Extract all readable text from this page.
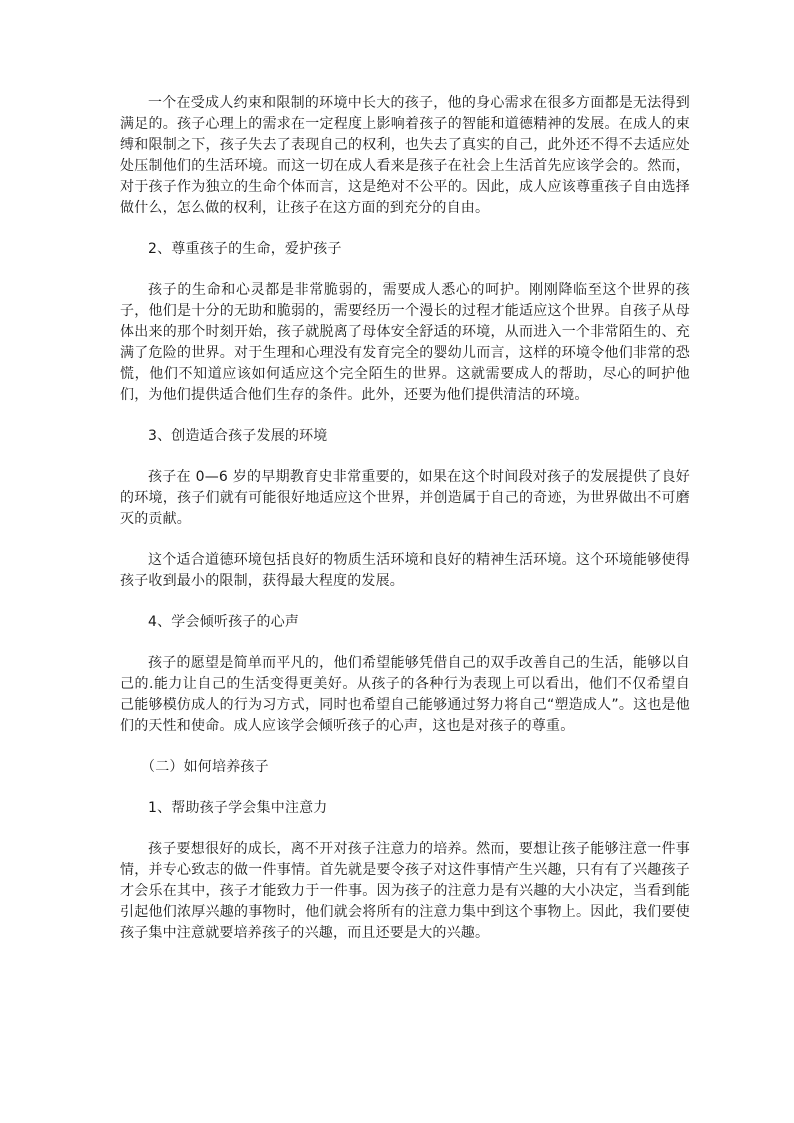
一个在受成人约束和限制的环境中长大的孩子，他的身心需求在很多方面都是无法得到满足的。孩子心理上的需求在一定程度上影响着孩子的智能和道德精神的发展。在成人的束缚和限制之下，孩子失去了表现自己的权利，也失去了真实的自己，此外还不得不去适应处处压制他们的生活环境。而这一切在成人看来是孩子在社会上生活首先应该学会的。然而，对于孩子作为独立的生命个体而言，这是绝对不公平的。因此，成人应该尊重孩子自由选择做什么，怎么做的权利，让孩子在这方面的到充分的自由。

2、尊重孩子的生命，爱护孩子

孩子的生命和心灵都是非常脆弱的，需要成人悉心的呵护。刚刚降临至这个世界的孩子，他们是十分的无助和脆弱的，需要经历一个漫长的过程才能适应这个世界。自孩子从母体出来的那个时刻开始，孩子就脱离了母体安全舒适的环境，从而进入一个非常陌生的、充满了危险的世界。对于生理和心理没有发育完全的婴幼儿而言，这样的环境令他们非常的恐慌，他们不知道应该如何适应这个完全陌生的世界。这就需要成人的帮助，尽心的呵护他们，为他们提供适合他们生存的条件。此外，还要为他们提供清洁的环境。

3、创造适合孩子发展的环境

孩子在 0—6 岁的早期教育史非常重要的，如果在这个时间段对孩子的发展提供了良好的环境，孩子们就有可能很好地适应这个世界，并创造属于自己的奇迹，为世界做出不可磨灭的贡献。

这个适合道德环境包括良好的物质生活环境和良好的精神生活环境。这个环境能够使得孩子收到最小的限制，获得最大程度的发展。

4、学会倾听孩子的心声

孩子的愿望是简单而平凡的，他们希望能够凭借自己的双手改善自己的生活，能够以自己的.能力让自己的生活变得更美好。从孩子的各种行为表现上可以看出，他们不仅希望自己能够模仿成人的行为习方式，同时也希望自己能够通过努力将自己“塑造成人”。这也是他们的天性和使命。成人应该学会倾听孩子的心声，这也是对孩子的尊重。

（二）如何培养孩子

1、帮助孩子学会集中注意力

孩子要想很好的成长，离不开对孩子注意力的培养。然而，要想让孩子能够注意一件事情，并专心致志的做一件事情。首先就是要令孩子对这件事情产生兴趣，只有有了兴趣孩子才会乐在其中，孩子才能致力于一件事。因为孩子的注意力是有兴趣的大小决定，当看到能引起他们浓厚兴趣的事物时，他们就会将所有的注意力集中到这个事物上。因此，我们要使孩子集中注意就要培养孩子的兴趣，而且还要是大的兴趣。
